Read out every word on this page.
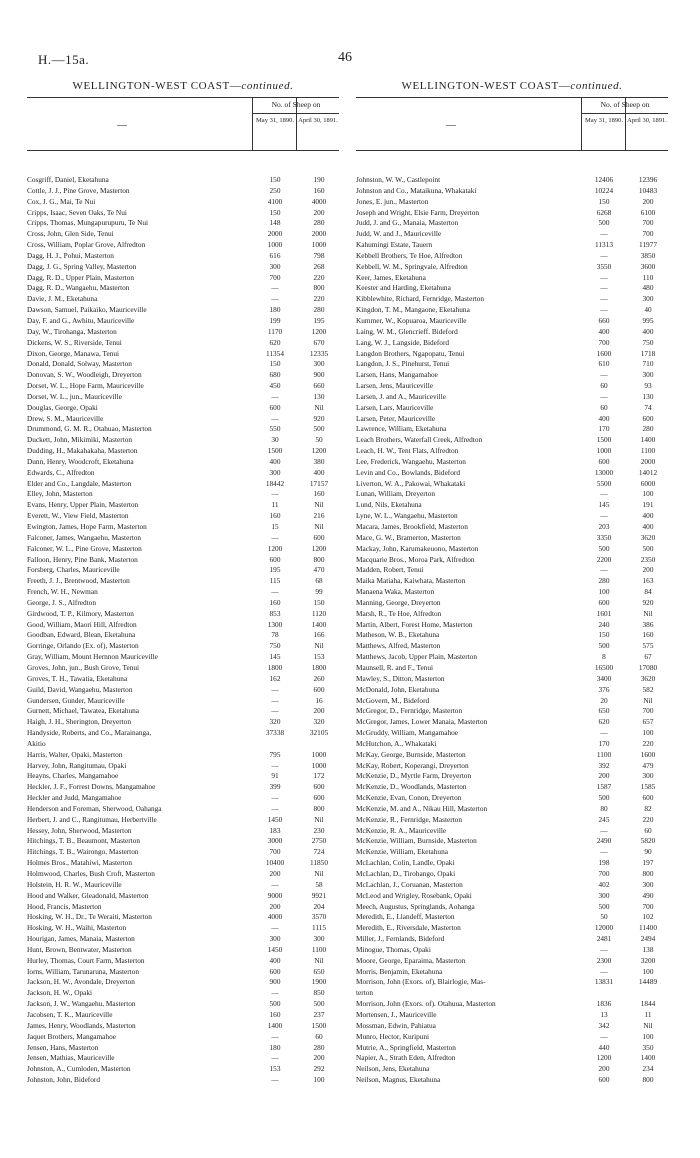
H.—15a.	46
WELLINGTON-WEST COAST—continued.
—
No. of Sheep on
May 31, 1890. April 30, 1891.
Cosgriff, Daniel, Eketahuna	150	190
Cottle, J. J., Pine Grove, Masterton	250	160
Cox, J. G., Mai, Te Nui	4100	4000
Cripps, Isaac, Seven Oaks, Te Nui	150	200
Cripps, Thomas, Mungapurupuru, Te Nui	148	280
Cross, John, Glen Side, Tenui	2000	2000
Cross, William, Poplar Grove, Alfredton	1000	1000
Dagg, H. J., Pohui, Masterton	616	798
Dagg, J. G., Spring Valley, Masterton	300	268
Dagg, R. D., Upper Plain, Masterton	700	220
Dagg, R. D., Wangaehu, Masterton	—	800
Davie, J. M., Eketahuna	—	220
Dawson, Samuel, Paikaiko, Mauriceville	180	280
Day, F. and G., Awhitu, Mauriceville	199	195
Day, W., Tirohanga, Masterton	1170	1200
Dickens, W. S., Riverside, Tenui	620	670
Dixon, George, Manawa, Tenui	11354	12335
Donald, Donald, Solway, Masterton	150	300
Donovan, S. W., Woodleigh, Dreyerton	680	900
Dorset, W. L., Hope Farm, Mauriceville	450	660
Dorset, W. L., jun., Mauriceville	—	130
Douglas, George, Opaki	600	Nil
Drew, S. M., Mauriceville	—	920
Drummond, G. M. R., Otahuao, Masterton	550	500
Duckett, John, Mikimiki, Masterton	30	50
Dudding, H., Makahakaha, Masterton	1500	1200
Dunn, Henry, Woodcroft, Eketahuna	400	380
Edwards, C., Alfredton	300	400
Elder and Co., Langdale, Masterton	18442	17157
Elley, John, Masterton	—	160
Evans, Henry, Upper Plain, Masterton	11	Nil
Everett, W., View Field, Masterton	160	216
Ewington, James, Hope Farm, Masterton	15	Nil
Falconer, James, Wangaehu, Masterton	—	600
Falconer, W. L., Pine Grove, Masterton	1200	1200
Falloon, Henry, Pine Bank, Masterton	600	800
Forsberg, Charles, Mauriceville	195	470
Freeth, J. J., Brentwood, Masterton	115	68
French, W. H., Newman	—	99
George, J. S., Alfredton	160	150
Girdwood, T. P., Kilmory, Masterton	853	1120
Good, William, Maori Hill, Alfredton	1300	1400
Goodban, Edward, Blean, Eketahuna	78	166
Gorringe, Orlando (Ex. of), Masterton	750	Nil
Gray, William, Mount Hernnon Mauriceville	145	153
Groves, John, jun., Bush Grove, Tenui	1800	1800
Groves, T. H., Tawatia, Eketahuna	162	260
Guild, David, Wangaehu, Masterton	—	600
Gundersen, Gunder, Mauriceville	—	16
Gurnett, Michael, Tawatea, Eketahuna	—	200
Haigh, J. H., Sherington, Dreyerton	320	320
Handyside, Roberts, and Co., Marainanga,	37338	32105
Akitio
Harris, Walter, Opaki, Masterton	795	1000
Harvey, John, Rangitumau, Opaki	—	1000
Heayns, Charles, Mangamahoe	91	172
Heckler, J. F., Forrest Downs, Mangamahoe	399	600
Heckler and Judd, Mangamahoe	—	600
Henderson and Foreman, Sherwood, Oahanga	—	800
Herbert, J. and C., Rangitumau, Herbertville	1450	Nil
Hessey, John, Sherwood, Masterton	183	230
Hitchings, T. B., Beaumont, Masterton	3000	2750
Hitchings, T. B., Wairongo, Masterton	700	724
Holmes Bros., Matahiwi, Masterton	10400	11850
Holmwood, Charles, Bush Croft, Masterton	200	Nil
Holstein, H. R. W., Mauriceville	—	58
Hood and Walker, Gleadonald, Masterton	9000	9921
Hood, Francis, Masterton	200	204
Hosking, W. H., Dr., Te Weraiti, Masterton	4000	3570
Hosking, W. H., Waihi, Masterton	—	1115
Hourigan, James, Manaia, Masterton	300	300
Hunt, Brown, Bentwater, Masterton	1450	1100
Hurley, Thomas, Court Farm, Masterton	400	Nil
Iorns, William, Tarunaruna, Masterton	600	650
Jackson, H. W., Avondale, Dreyerton	900	1900
Jackson, H. W., Opaki	—	850
Jackson, J. W., Wangaehu, Masterton	500	500
Jacobsen, T. K., Mauriceville	160	237
James, Henry, Woodlands, Masterton	1400	1500
Jaquet Brothers, Mangamahoe	—	60
Jensen, Hans, Masterton	180	280
Jensen, Mathias, Mauriceville	—	200
Johnston, A., Cumloden, Masterton	153	292
Johnston, John, Bideford	—	100
WELLINGTON-WEST COAST—continued.
—
No. of Sheep on
May 31, 1890. April 30, 1891.
Johnston, W. W., Castlepoint	12406	12396
Johnston and Co., Mataikuna, Whakataki	10224	10483
Jones, E. jun., Masterton	150	200
Joseph and Wright, Elsie Farm, Dreyerton	6268	6100
Judd, J. and G., Manaia, Masterton	500	700
Judd, W. and J., Mauriceville	—	700
Kahumingi Estate, Tauern	11313	11977
Kebbell Brothers, Te Hoe, Alfredton	—	3850
Kebbell, W. M., Springvale, Alfredton	3550	3600
Keer, James, Eketahuna	—	110
Keester and Harding, Eketahuna	—	480
Kibblewhite, Richard, Fernridge, Masterton	—	300
Kingdon, T. M., Mangaone, Eketahuna	—	40
Kummer, W., Kopuaroa, Mauriceville	660	995
Laing, W. M., Glencrieff. Bideford	400	400
Lang, W. J., Langside, Bideford	700	750
Langdon Brothers, Ngapopatu, Tenui	1600	1718
Langdon, J. S., Pinehurst, Tenui	610	710
Larsen, Hans, Mangamahoe	—	300
Larsen, Jens, Mauriceville	60	93
Larsen, J. and A., Mauriceville	—	130
Larsen, Lars, Mauriceville	60	74
Larsen, Peter, Mauriceville	400	600
Lawrence, William, Eketahuna	170	280
Leach Brothers, Waterfall Creek, Alfredton	1500	1400
Leach, H. W., Tent Flats, Alfredton	1000	1100
Lee, Frederick, Wangaehu, Masterton	600	2000
Levin and Co., Bowlands, Bideford	13000	14012
Liverton, W. A., Pakowai, Whakataki	5500	6000
Lunan, William, Dreyerton	—	100
Lund, Nils, Eketahuna	145	191
Lyne, W. L., Wangaehu, Masterton	—	400
Macara, James, Brookfield, Masterton	203	400
Mace, G. W., Bramerton, Masterton	3350	3620
Mackay, John, Karumakeuono, Masterton	500	500
Macquarie Bros., Moroa Park, Alfredton	2200	2350
Madden, Robert, Tenui	—	200
Maika Matiaha, Kaiwhata, Masterton	280	163
Manaena Waka, Masterton	100	84
Manning, George, Dreyerton	600	920
Marsh, R., Te Hoe, Alfredton	1601	Nil
Martin, Albert, Forest Home, Masterton	240	386
Matheson, W. B., Eketahuna	150	160
Matthews, Alfred, Masterton	500	575
Matthews, Jacob, Upper Plain, Masterton	8	67
Maunsell, R. and F., Tenui	16500	17080
Mawley, S., Ditton, Masterton	3400	3620
McDonald, John, Eketahuna	376	582
McGovern, M., Bideford	20	Nil
McGregor, D., Fernridge, Masterton	650	700
McGregor, James, Lower Manaia, Masterton	620	657
McGruddy, William, Mangamahoe	—	100
McHutchon, A., Whakataki	170	220
McKay, George, Burnside, Masterton	1100	1600
McKay, Robert, Koperangi, Dreyerton	392	479
McKenzie, D., Myrtle Farm, Dreyerton	200	300
McKenzie, D., Woodlands, Masterton	1587	1585
McKenzie, Evan, Conon, Dreyerton	500	600
McKenzie, M. and A., Nikau Hill, Masterton	80	82
McKenzie, R., Fernridge, Masterton	245	220
McKenzie, R. A., Mauriceville	—	60
McKenzie, William, Burnside, Masterton	2490	5820
McKenzie, William, Eketahuna	—	90
McLachlan, Colin, Landle, Opaki	198	197
McLachlan, D., Tirohango, Opaki	700	800
McLachlan, J., Coruanan, Masterton	402	300
McLeod and Wrigley, Rosebank, Opaki	300	490
Meech, Augustus, Springlands, Aohanga	500	700
Meredith, E., Llandeff, Masterton	50	102
Meredith, E., Riversdale, Masterton	12000	11400
Miller, J., Fernlands, Bideford	2481	2494
Minogue, Thomas, Opaki	—	138
Moore, George, Eparaima, Masterton	2300	3200
Morris, Benjamin, Eketahuna	—	100
Morrison, John (Exors. of), Blairlogie, Mas-	13831	14489
terton
Morrison, John (Exors. of). Otahuua, Masterton	1836	1844
Mortensen, J., Mauriceville	13	11
Mossman, Edwin, Pahiatua	342	Nil
Munro, Hector, Kuripuni	—	100
Mutrie, A., Springfield, Masterton	440	350
Napier, A., Strath Eden, Alfredton	1200	1400
Neilson, Jens, Eketahuna	200	234
Neilson, Magnus, Eketahuna	600	800
